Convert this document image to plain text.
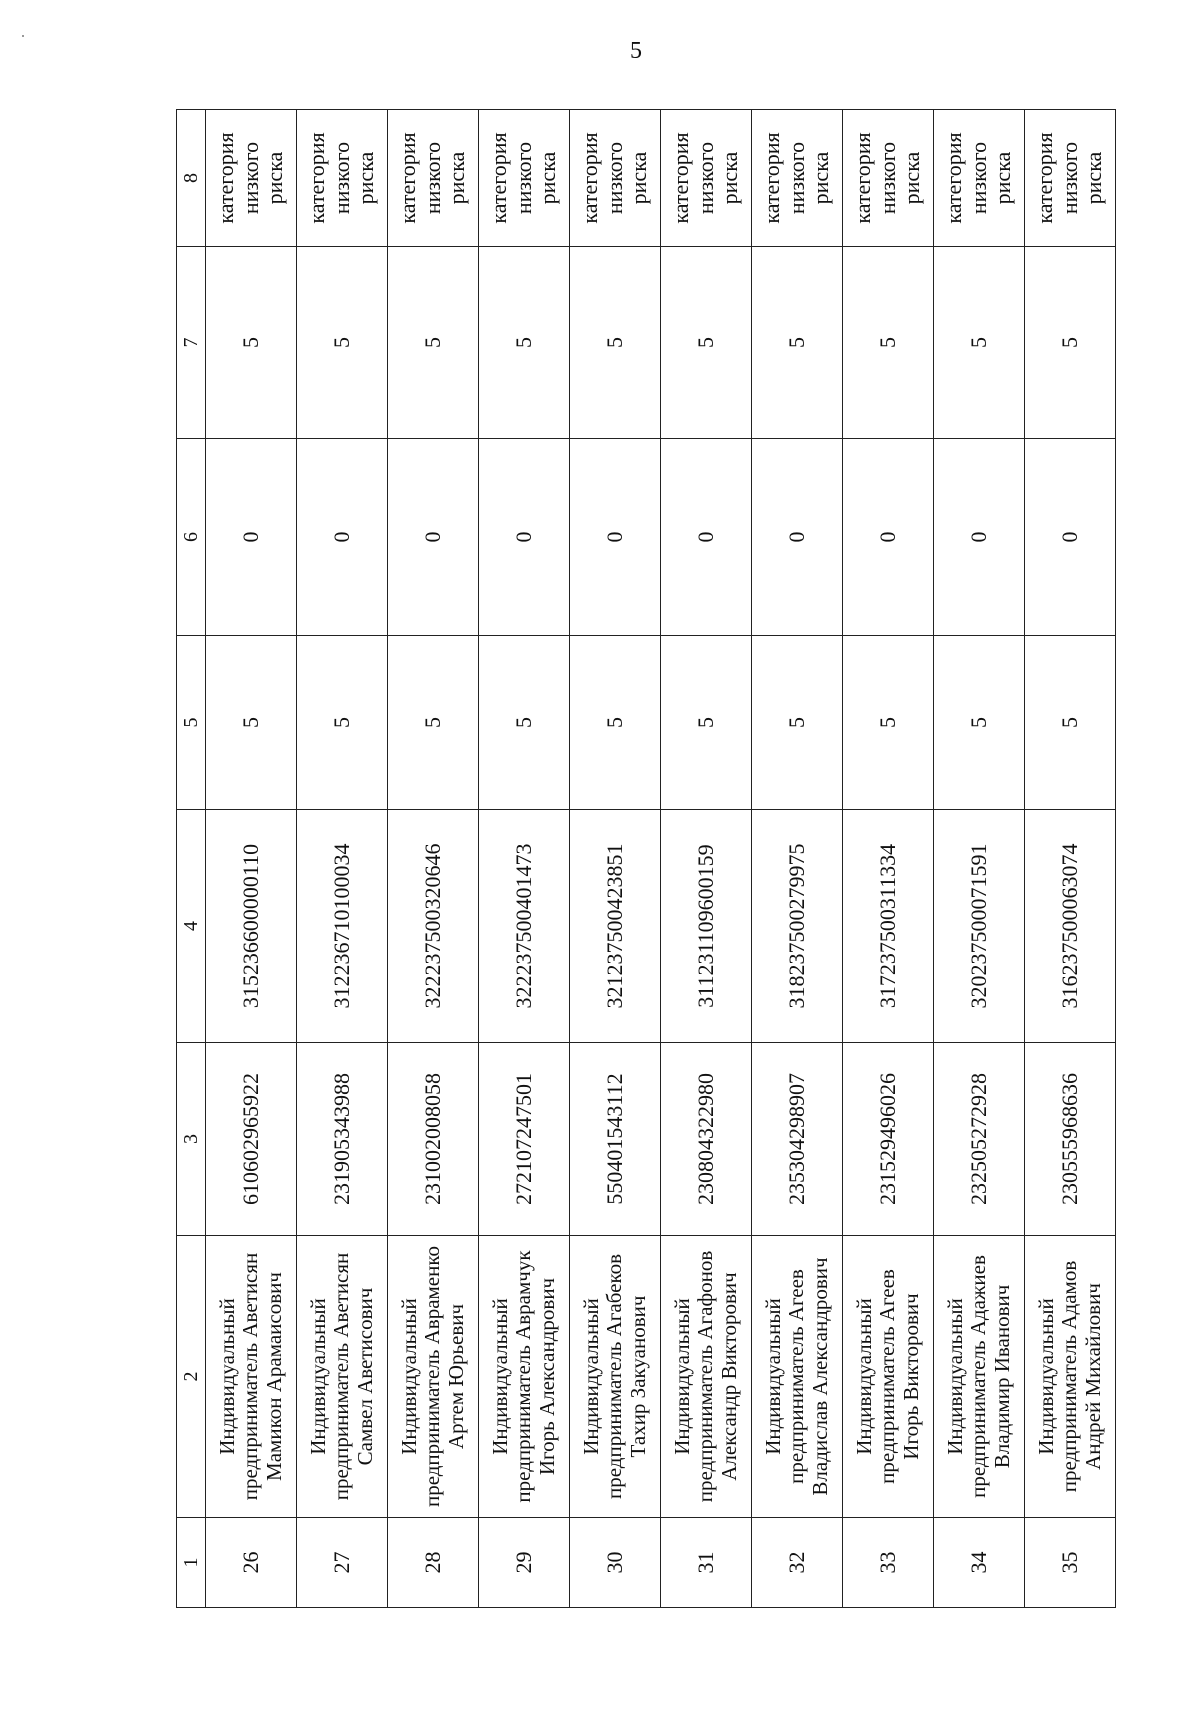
5
1	2	3	4	5	6	7	8
26	Индивидуальный предприниматель Аветисян Мамикон Арамаисович	610602965922	315236600000110	5	0	5	категория низкого риска
27	Индивидуальный предприниматель Аветисян Самвел Аветисович	231905343988	312236710100034	5	0	5	категория низкого риска
28	Индивидуальный предприниматель Авраменко Артем Юрьевич	231002008058	322237500320646	5	0	5	категория низкого риска
29	Индивидуальный предприниматель Аврамчук Игорь Александрович	272107247501	322237500401473	5	0	5	категория низкого риска
30	Индивидуальный предприниматель Агабеков Тахир Закуанович	550401543112	321237500423851	5	0	5	категория низкого риска
31	Индивидуальный предприниматель Агафонов Александр Викторович	230804322980	311231109600159	5	0	5	категория низкого риска
32	Индивидуальный предприниматель Агеев Владислав Александрович	235304298907	318237500279975	5	0	5	категория низкого риска
33	Индивидуальный предприниматель Агеев Игорь Викторович	231529496026	317237500311334	5	0	5	категория низкого риска
34	Индивидуальный предприниматель Адажиев Владимир Иванович	232505272928	320237500071591	5	0	5	категория низкого риска
35	Индивидуальный предприниматель Адамов Андрей Михайлович	230555968636	316237500063074	5	0	5	категория низкого риска
